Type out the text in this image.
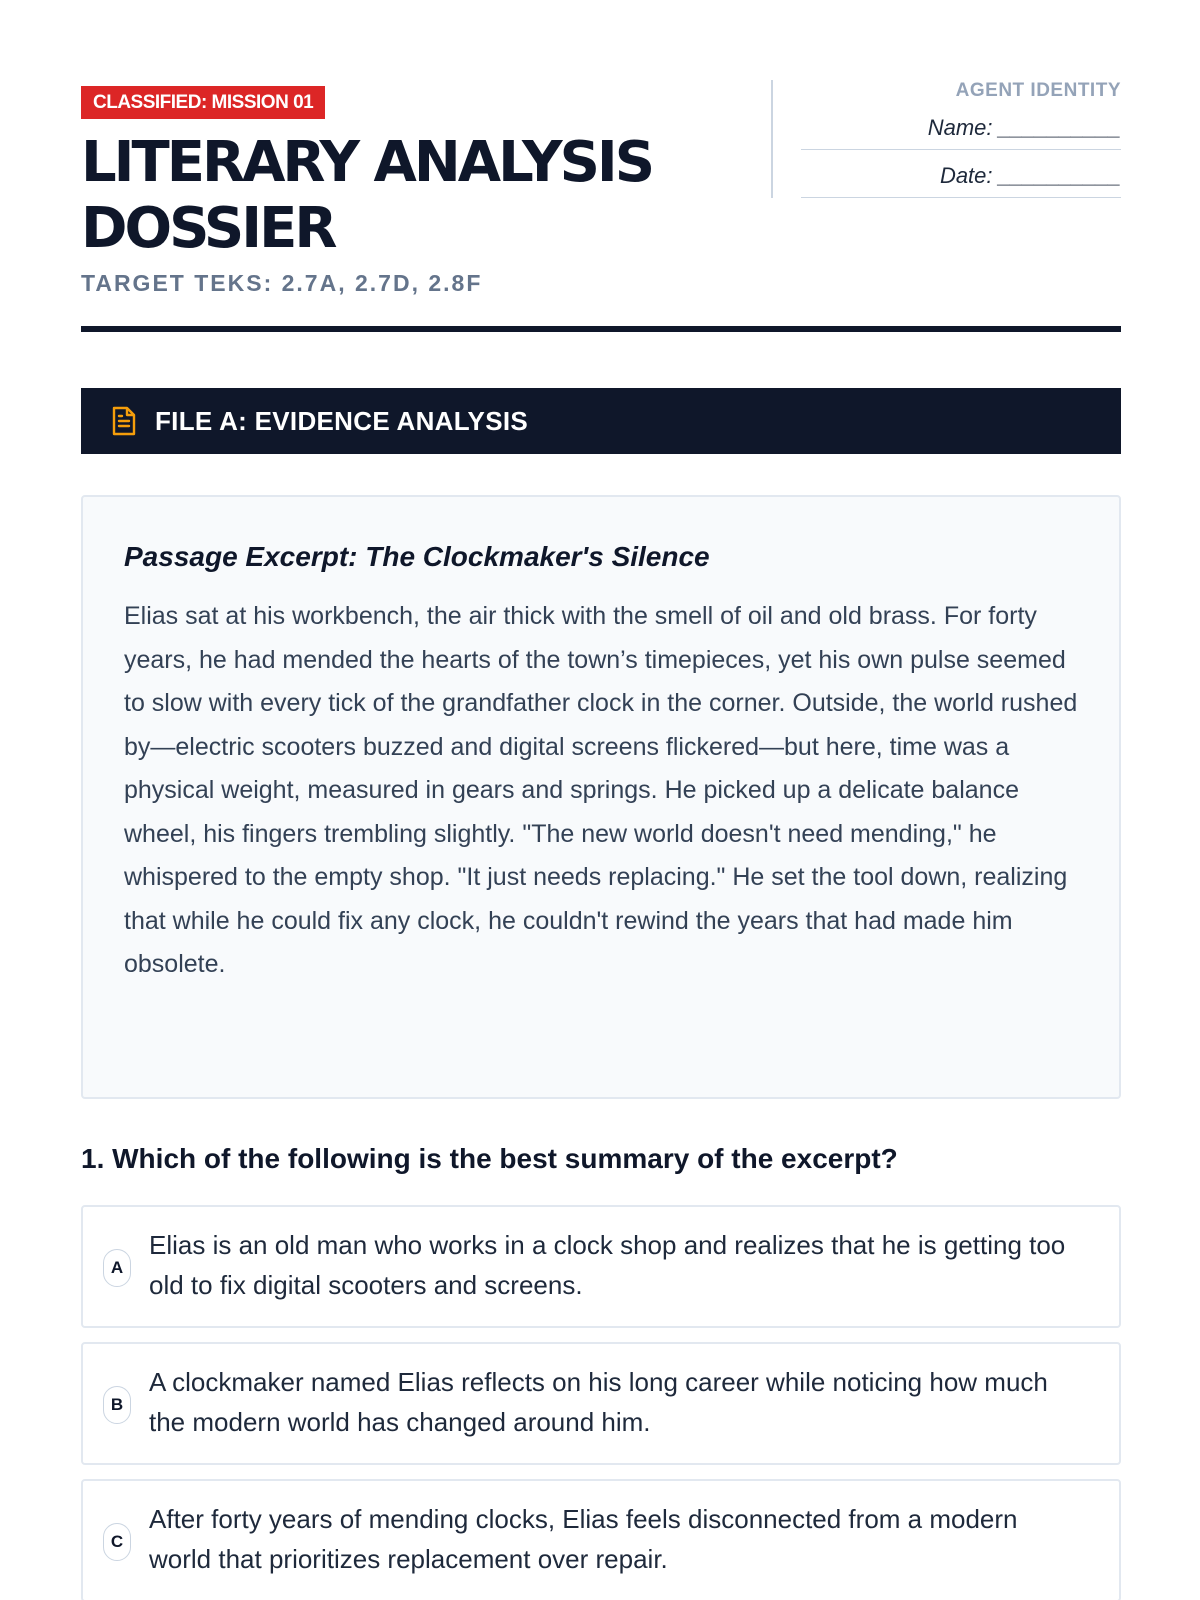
CLASSIFIED: MISSION 01
LITERARY ANALYSIS DOSSIER
TARGET TEKS: 2.7A, 2.7D, 2.8F
AGENT IDENTITY
Name: __________
Date: __________
FILE A: EVIDENCE ANALYSIS
Passage Excerpt: The Clockmaker's Silence
Elias sat at his workbench, the air thick with the smell of oil and old brass. For forty years, he had mended the hearts of the town’s timepieces, yet his own pulse seemed to slow with every tick of the grandfather clock in the corner. Outside, the world rushed by—electric scooters buzzed and digital screens flickered—but here, time was a physical weight, measured in gears and springs. He picked up a delicate balance wheel, his fingers trembling slightly. "The new world doesn't need mending," he whispered to the empty shop. "It just needs replacing." He set the tool down, realizing that while he could fix any clock, he couldn't rewind the years that had made him obsolete.
1. Which of the following is the best summary of the excerpt?
A
Elias is an old man who works in a clock shop and realizes that he is getting too old to fix digital scooters and screens.
B
A clockmaker named Elias reflects on his long career while noticing how much the modern world has changed around him.
C
After forty years of mending clocks, Elias feels disconnected from a modern world that prioritizes replacement over repair.
